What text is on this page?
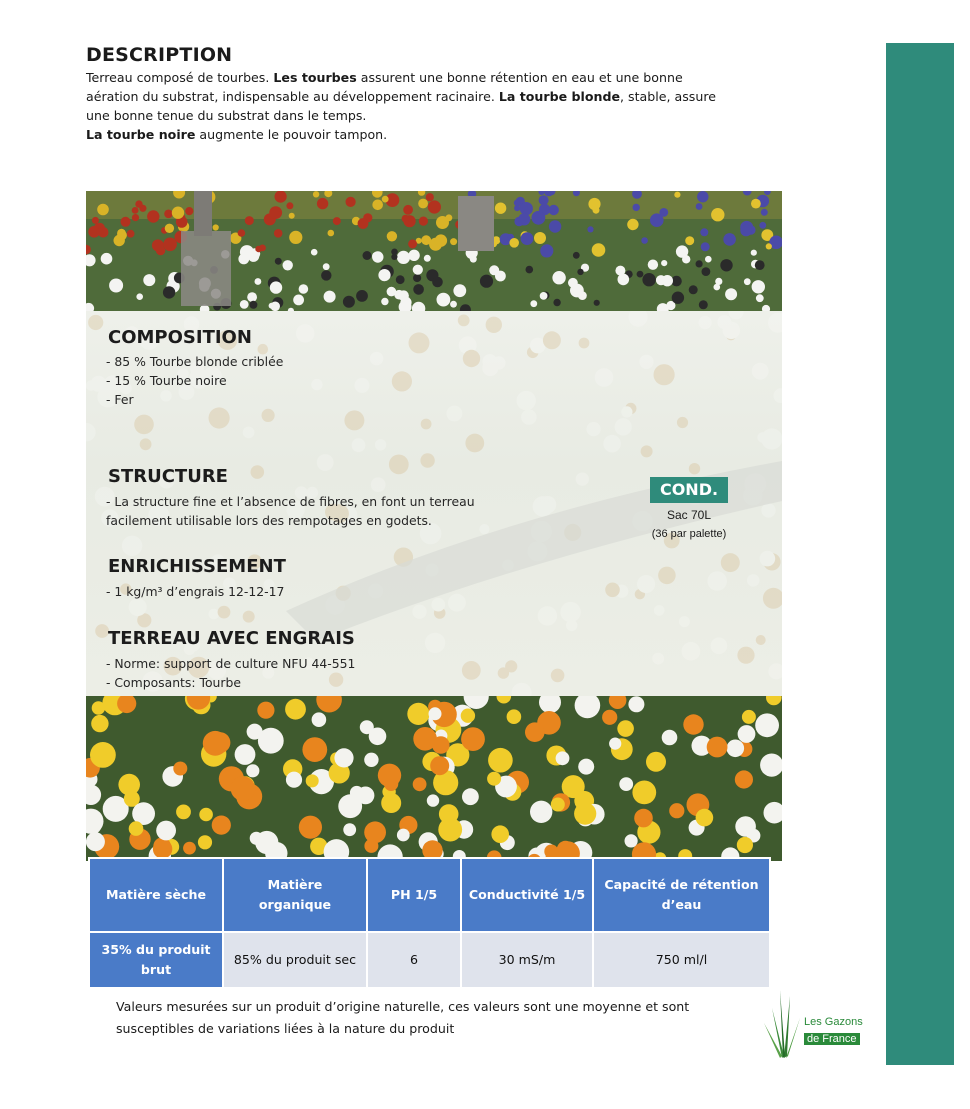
DESCRIPTION

Terreau composé de tourbes. Les tourbes assurent une bonne rétention en eau et une bonne aération du substrat, indispensable au développement racinaire. La tourbe blonde, stable, assure une bonne tenue du substrat dans le temps.
La tourbe noire augmente le pouvoir tampon.

COMPOSITION

- 85 % Tourbe blonde criblée

- 15 % Tourbe noire

- Fer

STRUCTURE

- La structure fine et l’absence de fibres, en font un terreau

facilement utilisable lors des rempotages en godets.

ENRICHISSEMENT

- 1 kg/m³ d’engrais 12-12-17

TERREAU AVEC ENGRAIS

- Norme: support de culture NFU 44-551

- Composants: Tourbe

COND.
Sac 70L
(36 par palette)
Matière sèche	Matière organique	PH 1/5	Conductivité 1/5	Capacité de rétention d’eau
35% du produit brut	85% du produit sec	6	30 mS/m	750 ml/l

Valeurs mesurées sur un produit d’origine naturelle, ces valeurs sont une moyenne et sont susceptibles de variations liées à la nature du produit	Les Gazons
de France
